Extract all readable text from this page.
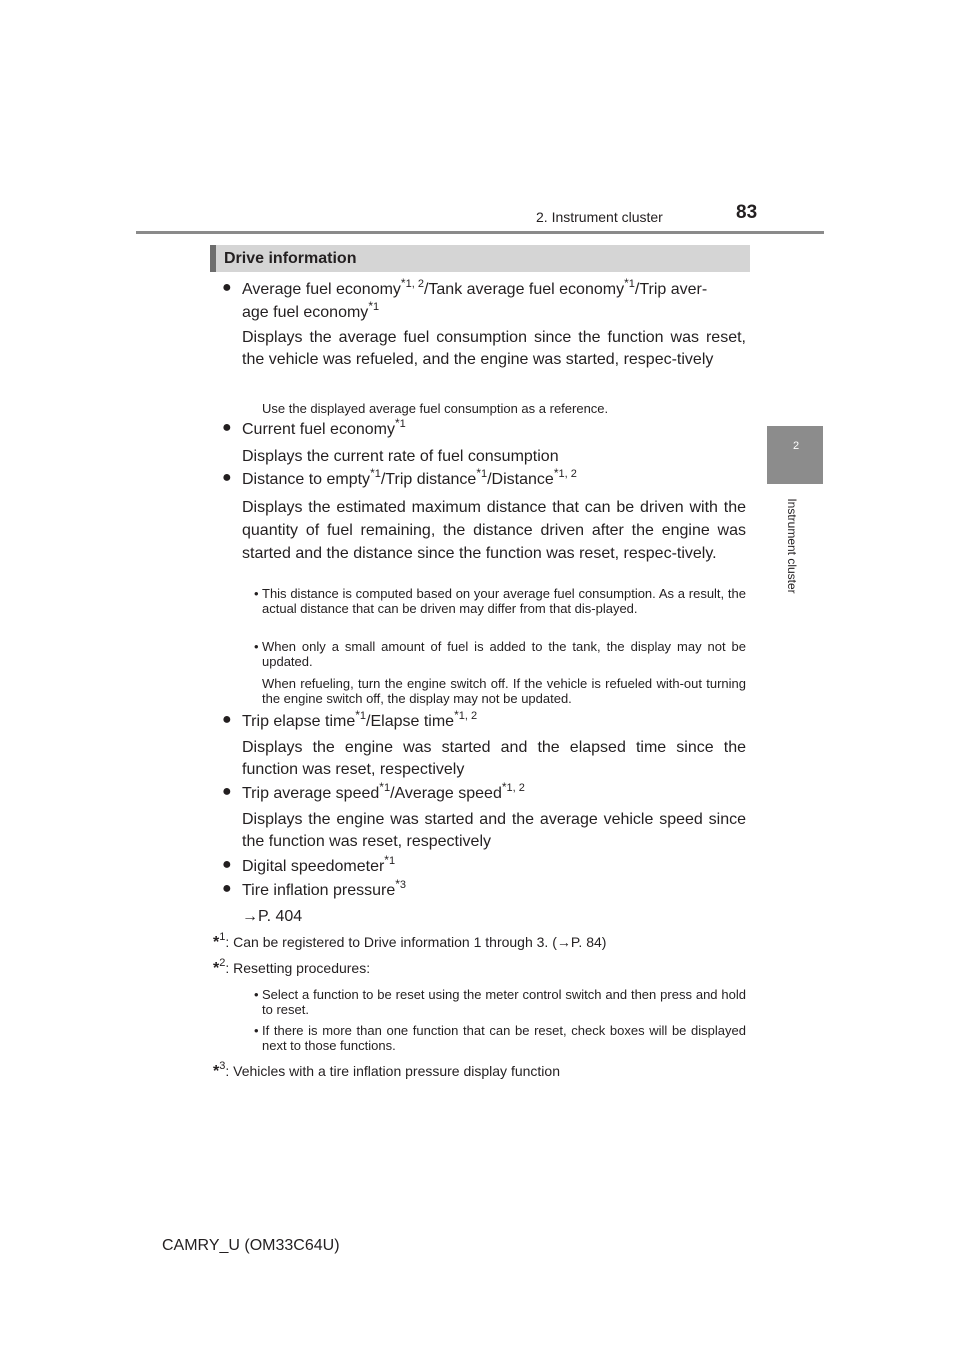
2. Instrument cluster	83
2
Instrument cluster
Drive information
● Average fuel economy$^{*1, 2}$/Tank average fuel economy$^{*1}$/Trip aver-
age fuel economy$^{*1}$
Displays the average fuel consumption since the function was reset, the vehicle was refueled, and the engine was started, respec-tively
Use the displayed average fuel consumption as a reference.
● Current fuel economy$^{*1}$
Displays the current rate of fuel consumption
● Distance to empty$^{*1}$/Trip distance$^{*1}$/Distance$^{*1, 2}$
Displays the estimated maximum distance that can be driven with the quantity of fuel remaining, the distance driven after the engine was started and the distance since the function was reset, respec-tively.
• This distance is computed based on your average fuel consumption. As a result, the actual distance that can be driven may differ from that dis-played.
• When only a small amount of fuel is added to the tank, the display may not be updated.
When refueling, turn the engine switch off. If the vehicle is refueled with-out turning the engine switch off, the display may not be updated.
● Trip elapse time$^{*1}$/Elapse time$^{*1, 2}$
Displays the engine was started and the elapsed time since the function was reset, respectively
● Trip average speed$^{*1}$/Average speed$^{*1, 2}$
Displays the engine was started and the average vehicle speed since the function was reset, respectively
● Digital speedometer$^{*1}$
● Tire inflation pressure$^{*3}$
→P. 404
*$^1$: Can be registered to Drive information 1 through 3. (→P. 84)
*$^2$: Resetting procedures:
• Select a function to be reset using the meter control switch and then press and hold to reset.
• If there is more than one function that can be reset, check boxes will be displayed next to those functions.
*$^3$: Vehicles with a tire inflation pressure display function
CAMRY_U (OM33C64U)
